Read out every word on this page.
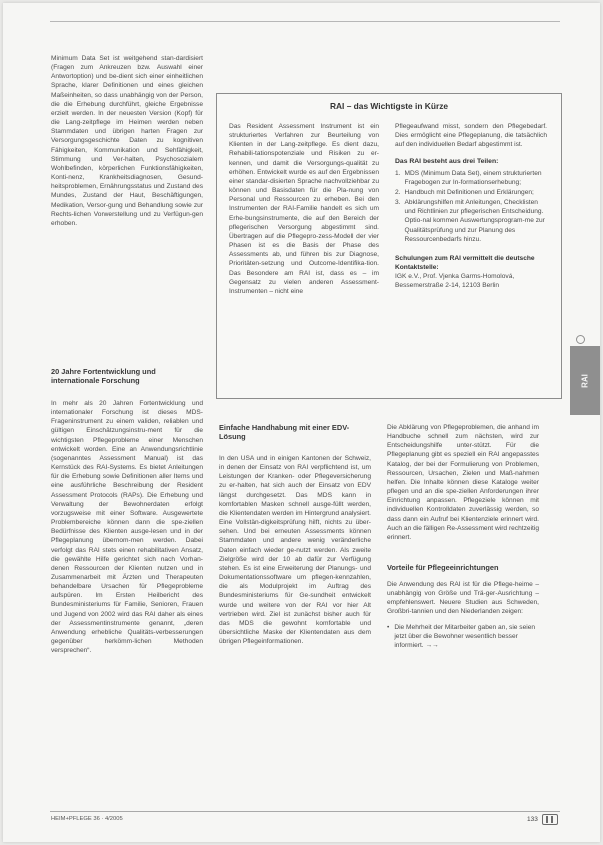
Minimum Data Set ist weitgehend stan-dardisiert (Fragen zum Ankreuzen bzw. Auswahl einer Antwortoption) und be-dient sich einer einheitlichen Sprache, klarer Definitionen und eines gleichen Maßeinheiten, so dass unabhängig von der Person, die die Erhebung durchführt, gleiche Ergebnisse erzielt werden. In der neuesten Version (Kopf) für die Lang-zeitpflege im Heimen werden neben Stammdaten und übrigen harten Fragen zur Versorgungsgeschichte Daten zu kognitiven Fähigkeiten, Kommunikation und Sehfähigkeit, Stimmung und Ver-halten, Psychosozialem Wohlbefinden, körperlichen Funktionsfähigkeiten, Konti-nenz, Krankheitsdiagnosen, Gesund-heitsproblemen, Ernährungsstatus und Zustand des Mundes, Zustand der Haut, Beschäftigungen, Medikation, Versor-gung und Behandlung sowie zur Rechts-lichen Vorwerstellung und zu Verfügun-gen erhoben.

20 Jahre Fortentwicklung und internationale Forschung

In mehr als 20 Jahren Fortentwicklung und internationaler Forschung ist dieses MDS-Frageninstrument zu einem validen, reliablen und gültigen Einschätzungsinstru-ment für die wichtigsten Pflegeprobleme einer Menschen entwickelt worden. Eine an Anwendungsrichtlinie (sogenanntes Assessment Manual) ist das Kernstück des RAI-Systems. Es bietet Anleitungen für die Erhebung sowie Definitionen aller Items und eine ausführliche Beschreibung der Resident Assessment Protocols (RAPs). Die Erhebung und Verwaltung der Bewohnerdaten erfolgt vorzugsweise mit einer Software. Ausgewertete Problembereiche können dann die spe-ziellen Bedürfnisse des Klienten ausge-lesen und in der Pflegeplanung übernom-men werden. Dabei verfolgt das RAI stets einen rehabilitativen Ansatz, die gewählte Hilfe gerichtet sich nach Vorhan-denen Ressourcen der Klienten nutzen und in Zusammenarbeit mit Ärzten und Therapeuten behandelbare Ursachen für Pflegeprobleme aufspüren. Im Ersten Heilbericht des Bundesministeriums für Familie, Senioren, Frauen und Jugend von 2002 wird das RAI daher als eines der Assessmentinstrumente genannt, „deren Anwendung erhebliche Qualitäts-verbesserungen gegenüber herkömm-lichen Methoden versprechen“.

RAI – das Wichtigste in Kürze

Das Resident Assessment Instrument ist ein strukturiertes Verfahren zur Beurteilung von Klienten in der Lang-zeitpflege. Es dient dazu, Rehabili-tationspotenziale und Risiken zu er-kennen, und damit die Versorgungs-qualität zu erhöhen. Entwickelt wurde es auf den Ergebnissen einer standar-disierten Sprache nachvollziehbar zu können und Basisdaten für die Pla-nung von Personal und Ressourcen zu erheben. Bei den Instrumenten der RAI-Familie handelt es sich um Erhe-bungsinstrumente, die auf den Bereich der pflegerischen Versorgung abgestimmt sind. Übertragen auf die Pflegepro-zess-Modell der vier Phasen ist es die Basis der Phase des Assessments ab, und führen bis zur Diagnose, Prioritäten-setzung und Outcome-Identifika-tion. Das Besondere am RAI ist, dass es – im Gegensatz zu vielen anderen Assessment-Instrumenten – nicht eine

Pflegeaufwand misst, sondern den Pflegebedarf. Dies ermöglicht eine Pflegeplanung, die tatsächlich auf den individuellen Bedarf abgestimmt ist.

Das RAI besteht aus drei Teilen:
1. MDS (Minimum Data Set), einem strukturierten Fragebogen zur In-formationserhebung;
2. Handbuch mit Definitionen und Erklärungen;
3. Abklärungshilfen mit Anleitungen, Checklisten und Richtlinien zur pflegerischen Entscheidung. Optio-nal kommen Auswertungsprogram-me zur Qualitätsprüfung und zur Planung des Ressourcenbedarfs hinzu.

Schulungen zum RAI vermittelt die deutsche Kontaktstelle:

IGK e.V., Prof. Vjenka Garms-Homolová, Bessemerstraße 2-14, 12103 Berlin

Einfache Handhabung mit einer EDV-Lösung

In den USA und in einigen Kantonen der Schweiz, in denen der Einsatz von RAI verpflichtend ist, um Leistungen der Kranken- oder Pflegeversicherung zu er-halten, hat sich auch der Einsatz von EDV längst durchgesetzt. Das MDS kann in komfortablen Masken schnell ausge-füllt werden, die Klientendaten werden im Hintergrund analysiert. Eine Vollstän-digkeitsprüfung hilft, nichts zu über-sehen. Und bei erneuten Assessments können Stammdaten und andere wenig veränderliche Daten einfach wieder ge-nutzt werden. Als zweite Zielgröße wird der 10 ab dafür zur Verfügung stehen. Es ist eine Erweiterung der Planungs- und Dokumentationssoftware um pflegen-kennzahlen, die als Modulprojekt im Auftrag des Bundesministeriums für Ge-sundheit entwickelt wurde und weitere von der RAI vor hier Alt vertrieben wird. Ziel ist zunächst bisher auch für das MDS die gewohnt komfortable und übersichtliche Maske der Klientendaten aus dem übrigen Pflegeinformationen.

Die Abklärung von Pflegeproblemen, die anhand im Handbuche schnell zum nächsten, wird zur Entscheidungshilfe unter-stützt. Für die Pflegeplanung gibt es speziell ein RAI angepasstes Katalog, der bei der Formulierung von Problemen, Ressourcen, Ursachen, Zielen und Maß-nahmen helfen. Die Inhalte können diese Kataloge weiter pflegen und an die spe-ziellen Anforderungen ihrer Einrichtung anpassen. Pflegeziele können mit individuellen Kontrolldaten zuverlässig werden, so dass dann ein Aufruf bei Klientenziele erinnert wird. Auch an die fälligen Re-Assessment wird rechtzeitig erinnert.

Vorteile für Pflegeeinrichtungen

Die Anwendung des RAI ist für die Pflege-heime – unabhängig von Größe und Trä-ger-Ausrichtung – empfehlenswert. Neuere Studien aus Schweden, Großbri-tannien und den Niederlanden zeigen:

• Die Mehrheit der Mitarbeiter gaben an, sie seien jetzt über die Bewohner wesentlich besser informiert. →→
RAI
HEIM+PFLEGE 36 · 4/2005	133
